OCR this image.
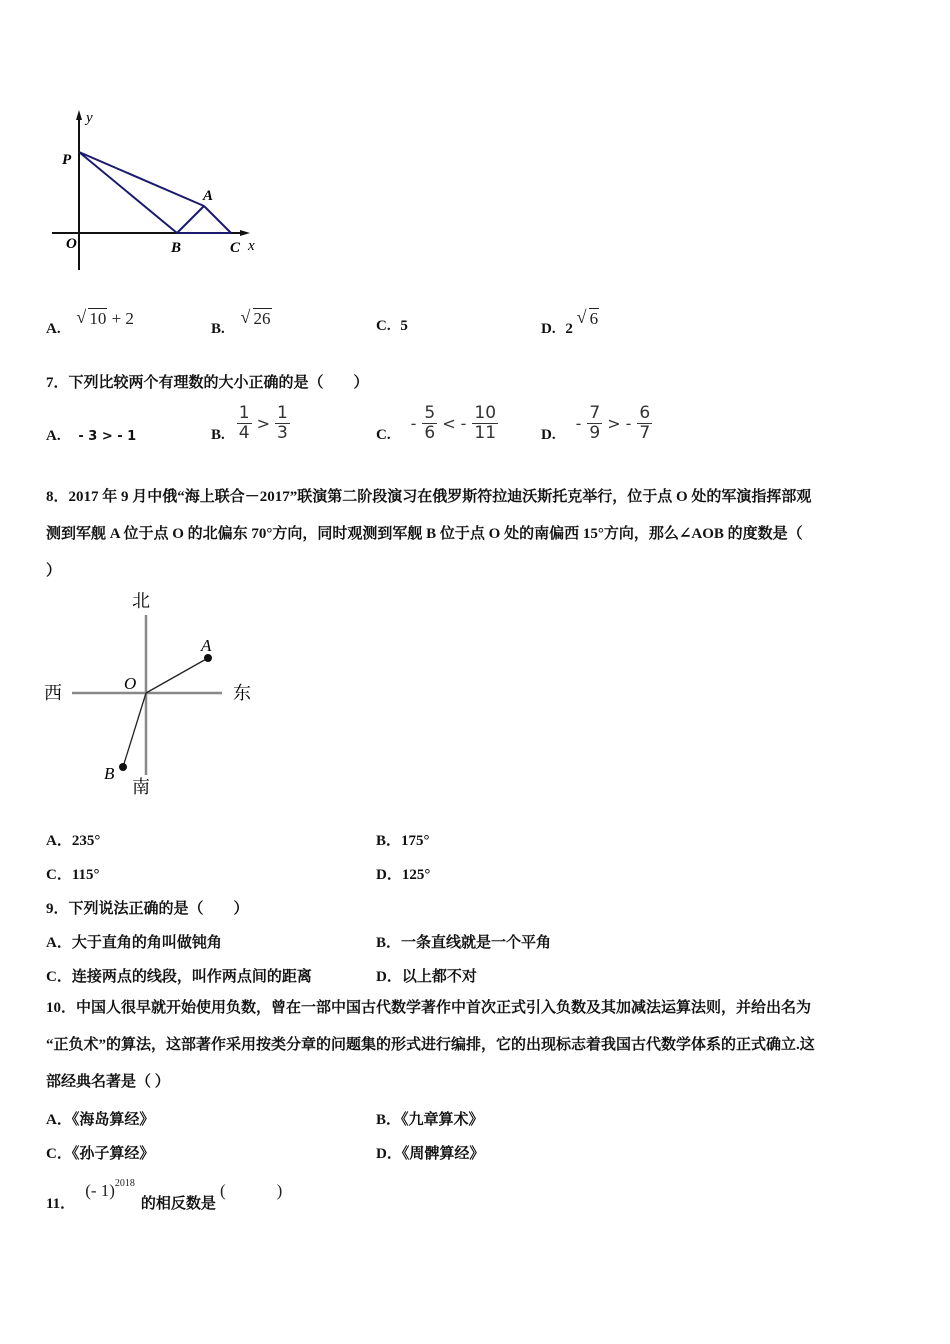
y
P
A
O	B	C x
A. √ 10 + 2
B. √ 26	C. 5	D. 2 √ 6
7．下列比较两个有理数的大小正确的是（　　）
A. - 3 > - 1	B. $\frac{1}{4} > \frac{1}{3}$	C.
- $\frac{5}{6}$ < - $\frac{10}{11}$	D.
- $\frac{7}{9}$ > - $\frac{6}{7}$
8．2017 年 9 月中俄“海上联合－2017”联演第二阶段演习在俄罗斯符拉迪沃斯托克举行，位于点 O 处的军演指挥部观
测到军舰 A 位于点 O 的北偏东 70°方向，同时观测到军舰 B 位于点 O 处的南偏西 15°方向，那么∠AOB 的度数是（
）
北
南
西	东
O
A
B
A．235°	B．175°
C．115°	D．125°
9．下列说法正确的是（　　）
A．大于直角的角叫做钝角	B．一条直线就是一个平角
C．连接两点的线段，叫作两点间的距离	D．以上都不对
10．中国人很早就开始使用负数，曾在一部中国古代数学著作中首次正式引入负数及其加减法运算法则，并给出名为
“正负术”的算法，这部著作采用按类分章的问题集的形式进行编排，它的出现标志着我国古代数学体系的正式确立.这
部经典名著是（ ）
A．《海岛算经》	B．《九章算术》
C．《孙子算经》	D．《周髀算经》
11． (- 1)$^{2018}$ 的相反数是 (　　　)
